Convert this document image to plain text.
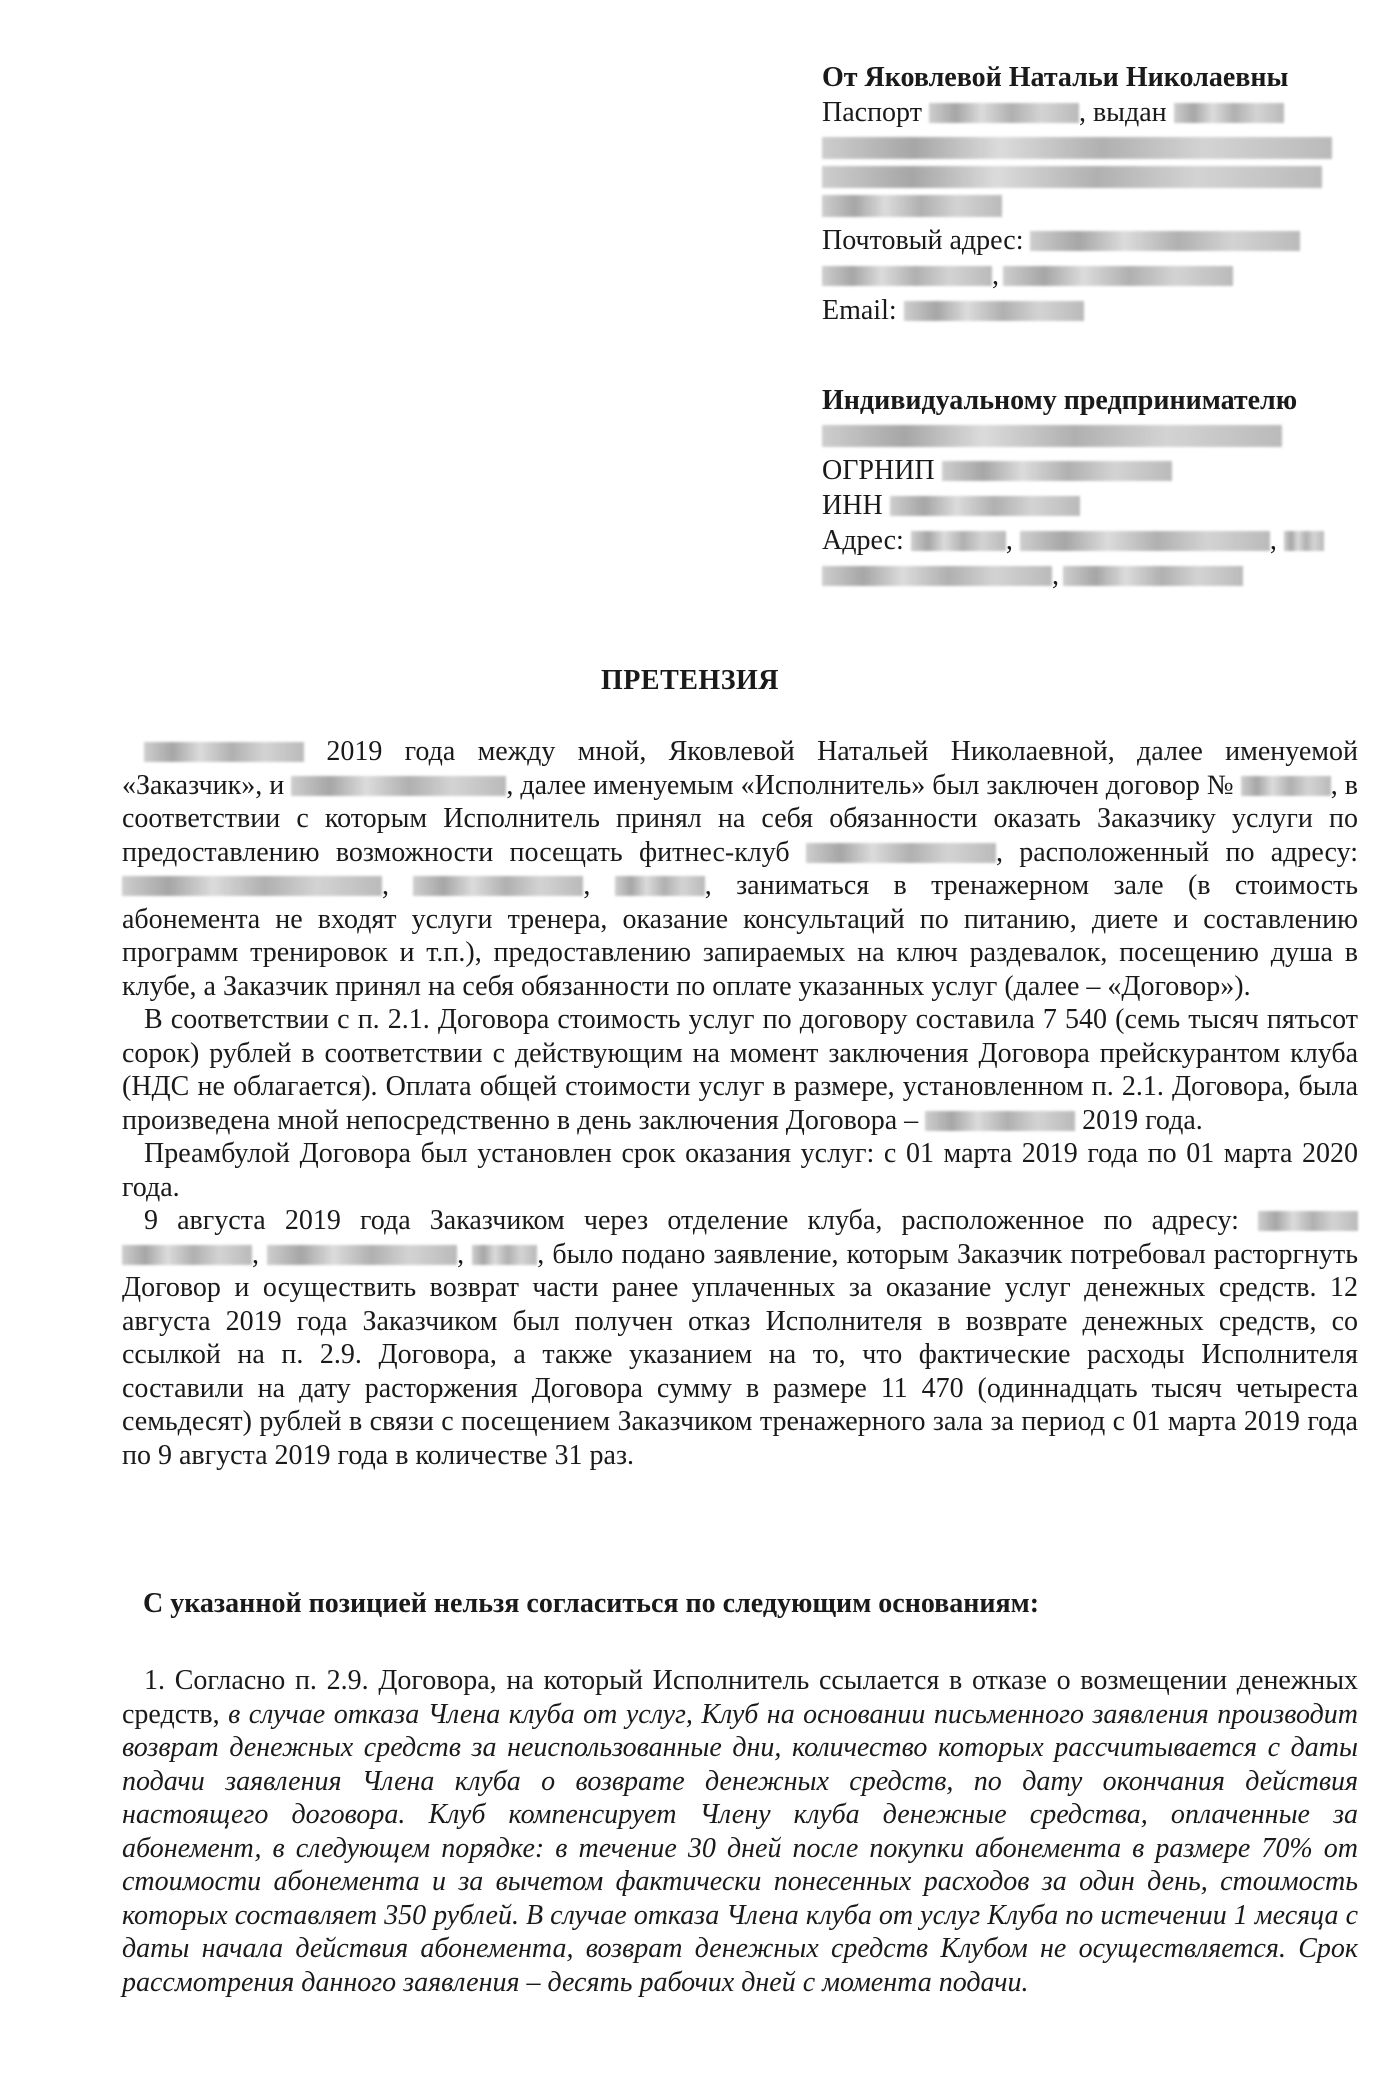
От Яковлевой Натальи Николаевны
Паспорт	, выдан
Почтовый адрес:
,
Email:
Индивидуальному предпринимателю
ОГРНИП
ИНН
Адрес:	,	,
,
ПРЕТЕНЗИЯ

2019 года между мной, Яковлевой Натальей Николаевной, далее именуемой «Заказчик», и	, далее именуемым «Исполнитель» был заключен договор №	, в соответствии с которым Исполнитель принял на себя обязанности оказать Заказчику услуги по предоставлению возможности посещать фитнес-клуб	, расположенный по адресу: ,	,	, заниматься в тренажерном зале (в стоимость абонемента не входят услуги тренера, оказание консультаций по питанию, диете и составлению программ тренировок и т.п.), предоставлению запираемых на ключ раздевалок, посещению душа в клубе, а Заказчик принял на себя обязанности по оплате указанных услуг (далее – «Договор»).

В соответствии с п. 2.1. Договора стоимость услуг по договору составила 7 540 (семь тысяч пятьсот сорок) рублей в соответствии с действующим на момент заключения Договора прейскурантом клуба (НДС не облагается). Оплата общей стоимости услуг в размере, установленном п. 2.1. Договора, была произведена мной непосредственно в день заключения Договора –	2019 года.

Преамбулой Договора был установлен срок оказания услуг: с 01 марта 2019 года по 01 марта 2020 года.

9 августа 2019 года Заказчиком через отделение клуба, расположенное по адресу:  ,	,	, было подано заявление, которым Заказчик потребовал расторгнуть Договор и осуществить возврат части ранее уплаченных за оказание услуг денежных средств. 12 августа 2019 года Заказчиком был получен отказ Исполнителя в возврате денежных средств, со ссылкой на п. 2.9. Договора, а также указанием на то, что фактические расходы Исполнителя составили на дату расторжения Договора сумму в размере 11 470 (одиннадцать тысяч четыреста семьдесят) рублей в связи с посещением Заказчиком тренажерного зала за период с 01 марта 2019 года по 9 августа 2019 года в количестве 31 раз.

С указанной позицией нельзя согласиться по следующим основаниям:

1. Согласно п. 2.9. Договора, на который Исполнитель ссылается в отказе о возмещении денежных средств, в случае отказа Члена клуба от услуг, Клуб на основании письменного заявления производит возврат денежных средств за неиспользованные дни, количество которых рассчитывается с даты подачи заявления Члена клуба о возврате денежных средств, по дату окончания действия настоящего договора. Клуб компенсирует Члену клуба денежные средства, оплаченные за абонемент, в следующем порядке: в течение 30 дней после покупки абонемента в размере 70% от стоимости абонемента и за вычетом фактически понесенных расходов за один день, стоимость которых составляет 350 рублей. В случае отказа Члена клуба от услуг Клуба по истечении 1 месяца с даты начала действия абонемента, возврат денежных средств Клубом не осуществляется. Срок рассмотрения данного заявления – десять рабочих дней с момента подачи.
